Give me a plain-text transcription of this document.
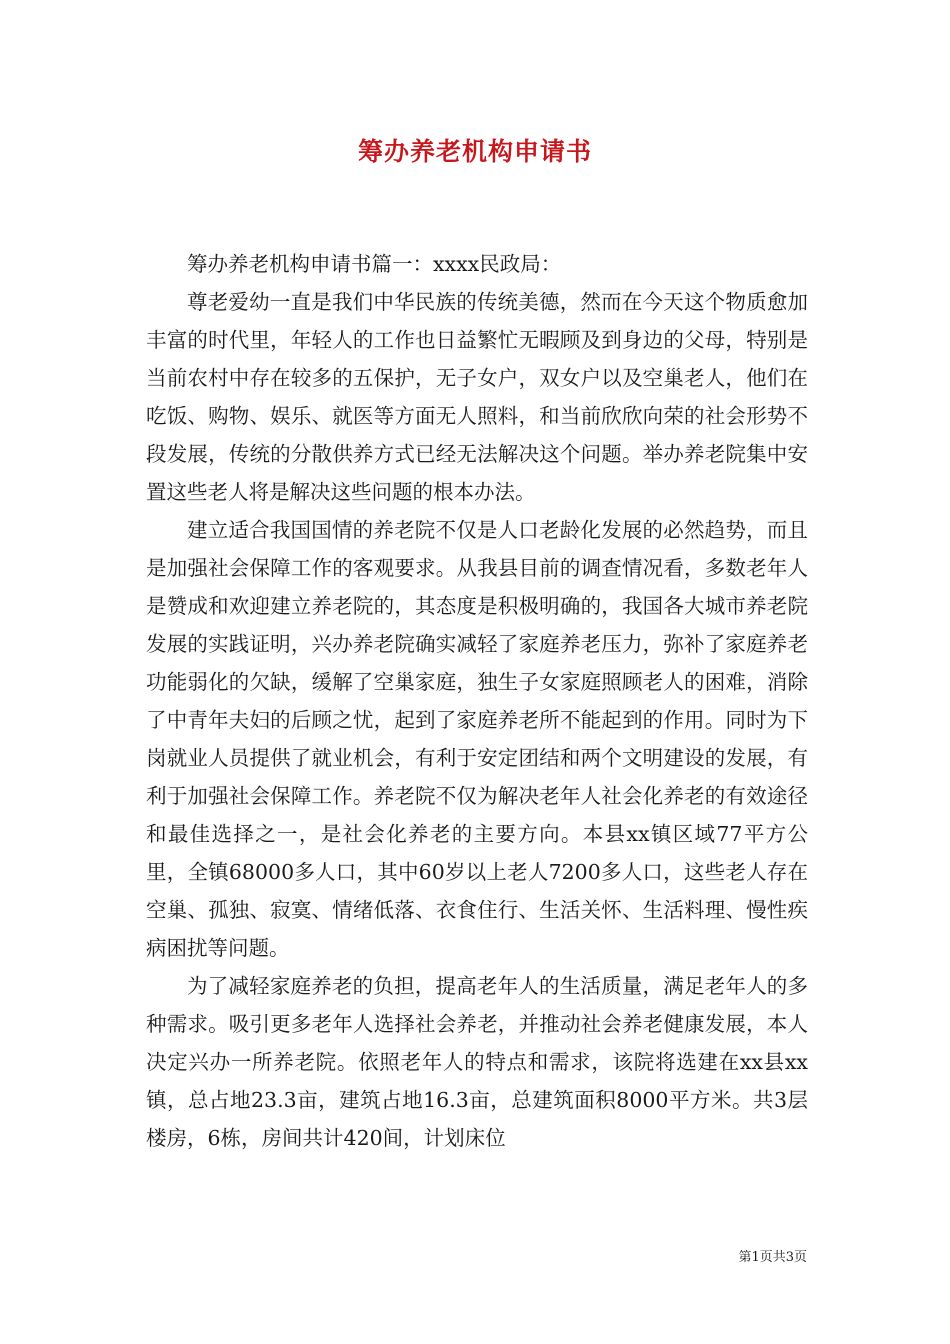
筹办养老机构申请书

筹办养老机构申请书篇一：xxxx民政局：

尊老爱幼一直是我们中华民族的传统美德，然而在今天这个物质愈加丰富的时代里，年轻人的工作也日益繁忙无暇顾及到身边的父母，特别是当前农村中存在较多的五保护，无子女户，双女户以及空巢老人，他们在吃饭、购物、娱乐、就医等方面无人照料，和当前欣欣向荣的社会形势不段发展，传统的分散供养方式已经无法解决这个问题。举办养老院集中安置这些老人将是解决这些问题的根本办法。

建立适合我国国情的养老院不仅是人口老龄化发展的必然趋势，而且是加强社会保障工作的客观要求。从我县目前的调查情况看，多数老年人是赞成和欢迎建立养老院的，其态度是积极明确的，我国各大城市养老院发展的实践证明，兴办养老院确实减轻了家庭养老压力，弥补了家庭养老功能弱化的欠缺，缓解了空巢家庭，独生子女家庭照顾老人的困难，消除了中青年夫妇的后顾之忧，起到了家庭养老所不能起到的作用。同时为下岗就业人员提供了就业机会，有利于安定团结和两个文明建设的发展，有利于加强社会保障工作。养老院不仅为解决老年人社会化养老的有效途径和最佳选择之一，是社会化养老的主要方向。本县xx镇区域77平方公里，全镇68000多人口，其中60岁以上老人7200多人口，这些老人存在空巢、孤独、寂寞、情绪低落、衣食住行、生活关怀、生活料理、慢性疾病困扰等问题。

为了减轻家庭养老的负担，提高老年人的生活质量，满足老年人的多种需求。吸引更多老年人选择社会养老，并推动社会养老健康发展，本人决定兴办一所养老院。依照老年人的特点和需求，该院将选建在xx县xx镇，总占地23.3亩，建筑占地16.3亩，总建筑面积8000平方米。共3层楼房，6栋，房间共计420间，计划床位

第1页共3页
